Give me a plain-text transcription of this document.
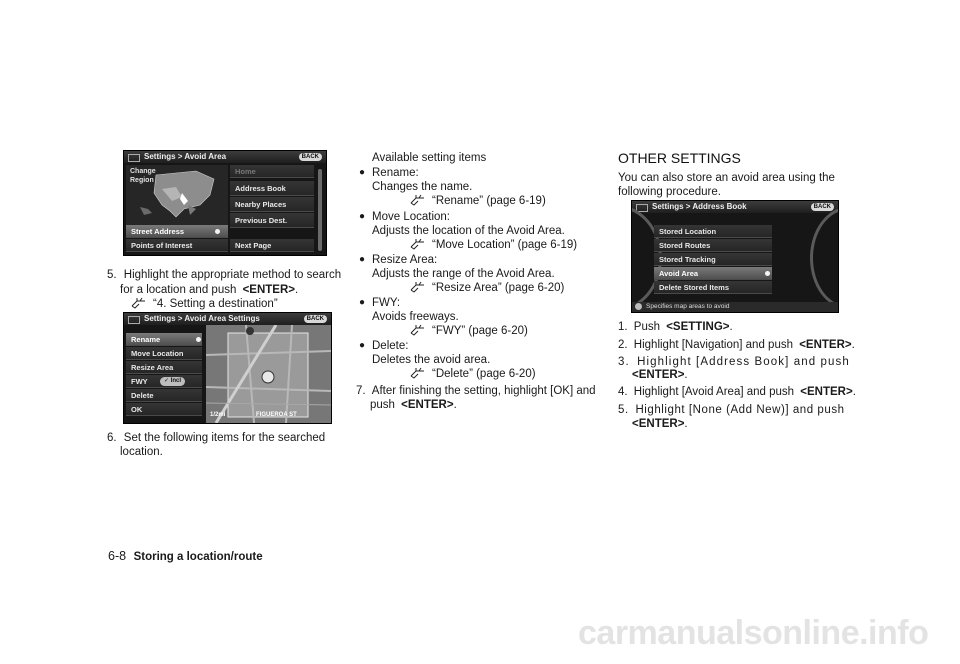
Settings > Avoid Area	BACK
Change Region
Street Address
Points of Interest
Home
Address Book
Nearby Places
Previous Dest.
Next Page
5. Highlight the appropriate method to search
for a location and push <ENTER>.
“4. Setting a destination”
Settings > Avoid Area Settings	BACK
1/2mi	FIGUEROA ST
Rename
Move Location
Resize Area
FWY	✓ Incl
Delete
OK
6. Set the following items for the searched
location.
Available setting items
● Rename:
Changes the name.
“Rename” (page 6-19)
● Move Location:
Adjusts the location of the Avoid Area.
“Move Location” (page 6-19)
● Resize Area:
Adjusts the range of the Avoid Area.
“Resize Area” (page 6-20)
● FWY:
Avoids freeways.
“FWY” (page 6-20)
● Delete:
Deletes the avoid area.
“Delete” (page 6-20)
7. After finishing the setting, highlight [OK] and
push <ENTER>.
OTHER SETTINGS
You can also store an avoid area using the
following procedure.
Settings > Address Book	BACK
Stored Location
Stored Routes
Stored Tracking
Avoid Area
Delete Stored Items
Specifies map areas to avoid
1. Push <SETTING>.
2. Highlight [Navigation] and push <ENTER>.
3. Highlight [Address Book] and push
<ENTER>.
4. Highlight [Avoid Area] and push <ENTER>.
5. Highlight [None (Add New)] and push
<ENTER>.
6-8 Storing a location/route
carmanualsonline.info
